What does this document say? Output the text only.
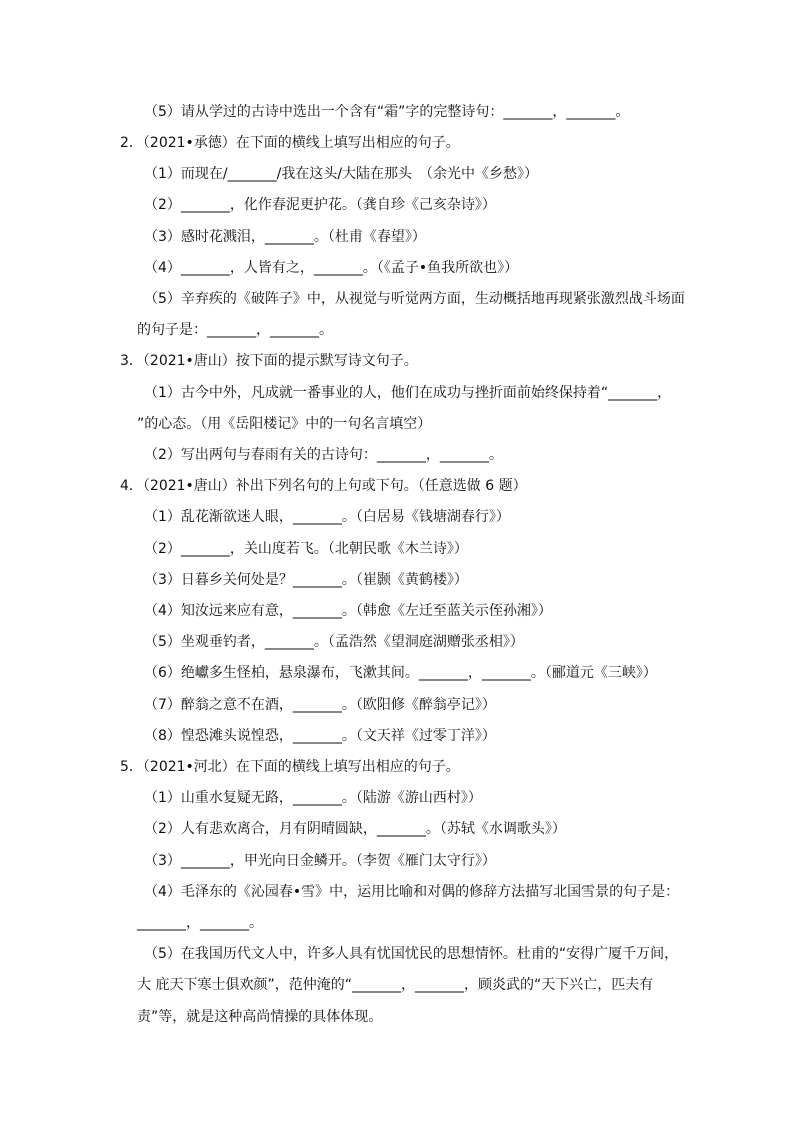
（5）请从学过的古诗中选出一个含有“霜”字的完整诗句：_______，_______。
2．（2021•承德）在下面的横线上填写出相应的句子。
（1）而现在/_______/我在这头/大陆在那头　（余光中《乡愁》）
（2）_______，化作春泥更护花。（龚自珍《己亥杂诗》）
（3）感时花溅泪，_______。（杜甫《春望》）
（4）_______，人皆有之，_______。（《孟子•鱼我所欲也》）
（5）辛弃疾的《破阵子》中，从视觉与听觉两方面，生动概括地再现紧张激烈战斗场面
的句子是：_______，_______。
3．（2021•唐山）按下面的提示默写诗文句子。
（1）古今中外，凡成就一番事业的人，他们在成功与挫折面前始终保持着“_______，
”的心态。（用《岳阳楼记》中的一句名言填空）
（2）写出两句与春雨有关的古诗句：_______，_______。
4．（2021•唐山）补出下列名句的上句或下句。（任意选做 6 题）
（1）乱花渐欲迷人眼，_______。（白居易《钱塘湖春行》）
（2）_______，关山度若飞。（北朝民歌《木兰诗》）
（3）日暮乡关何处是？_______。（崔颢《黄鹤楼》）
（4）知汝远来应有意，_______。（韩愈《左迁至蓝关示侄孙湘》）
（5）坐观垂钓者，_______。（孟浩然《望洞庭湖赠张丞相》）
（6）绝巘多生怪柏，悬泉瀑布，飞漱其间。_______，_______。（郦道元《三峡》）
（7）醉翁之意不在酒，_______。（欧阳修《醉翁亭记》）
（8）惶恐滩头说惶恐，_______。（文天祥《过零丁洋》）
5．（2021•河北）在下面的横线上填写出相应的句子。
（1）山重水复疑无路，_______。（陆游《游山西村》）
（2）人有悲欢离合，月有阴晴圆缺，_______。（苏轼《水调歌头》）
（3）_______，甲光向日金鳞开。（李贺《雁门太守行》）
（4）毛泽东的《沁园春•雪》中，运用比喻和对偶的修辞方法描写北国雪景的句子是：
_______，_______。
（5）在我国历代文人中，许多人具有忧国忧民的思想情怀。杜甫的“安得广厦千万间，
大 庇天下寒士俱欢颜”，范仲淹的“_______，_______，顾炎武的“天下兴亡，匹夫有
责”等，就是这种高尚情操的具体体现。
